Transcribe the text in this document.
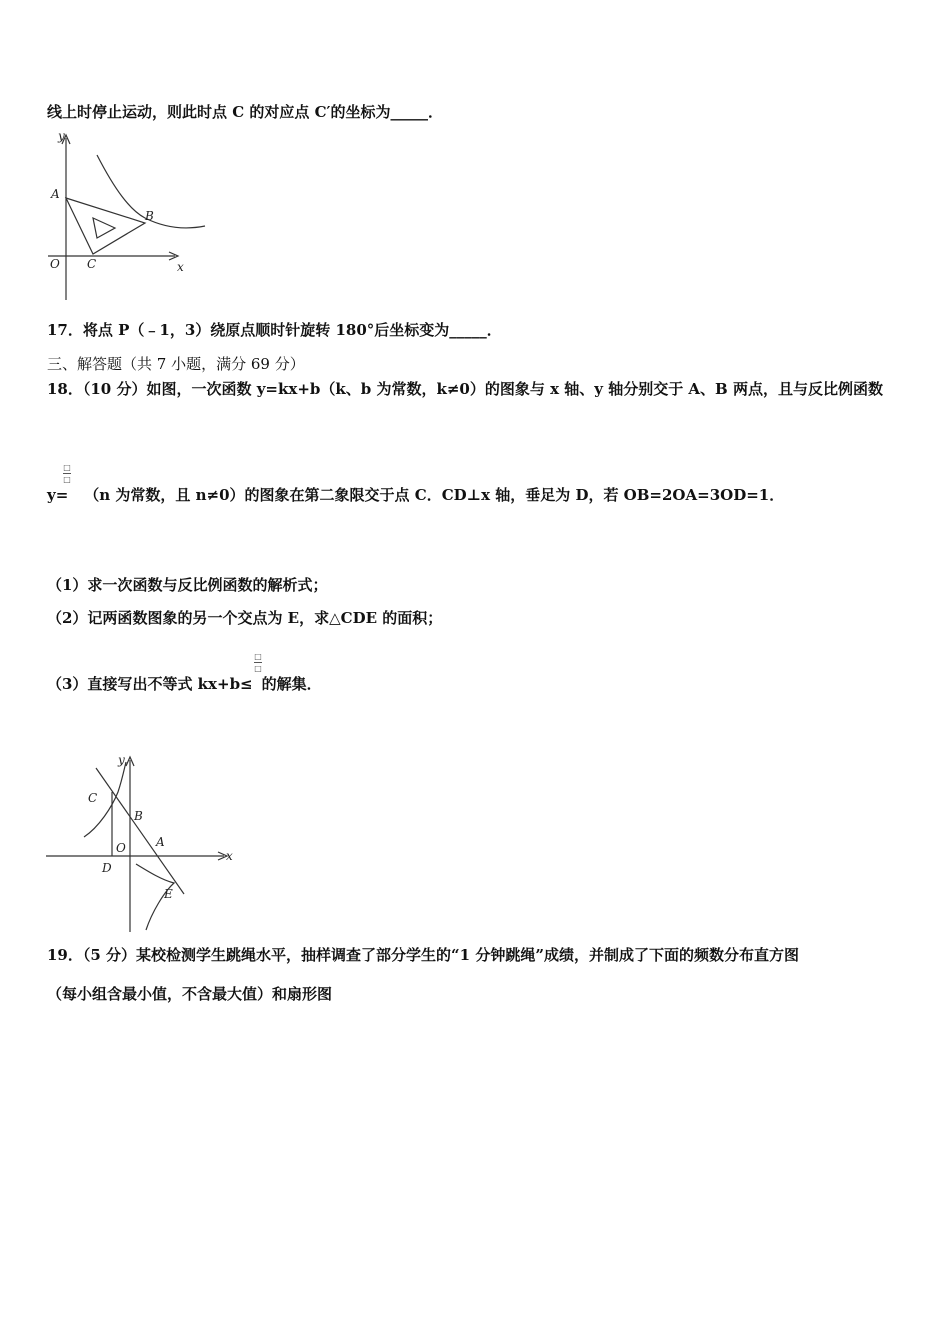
线上时停止运动，则此时点 C 的对应点 C′的坐标为_____．
y
A
B
O C	x
17．将点 P（﹣1，3）绕原点顺时针旋转 180°后坐标变为_____．
三、解答题（共 7 小题，满分 69 分）
18．（10 分）如图，一次函数 y=kx+b（k、b 为常数，k≠0）的图象与 x 轴、y 轴分别交于 A、B 两点，且与反比例函数
y= （n 为常数，且 n≠0）的图象在第二象限交于点 C．CD⊥x 轴，垂足为 D，若 OB=2OA=3OD=1．
□
□
（1）求一次函数与反比例函数的解析式；
（2）记两函数图象的另一个交点为 E，求△CDE 的面积；
（3）直接写出不等式 kx+b≤ 的解集．
□
□
y
C
B
O	A
D
E
x
19．（5 分）某校检测学生跳绳水平，抽样调查了部分学生的“1 分钟跳绳”成绩，并制成了下面的频数分布直方图
（每小组含最小值，不含最大值）和扇形图
